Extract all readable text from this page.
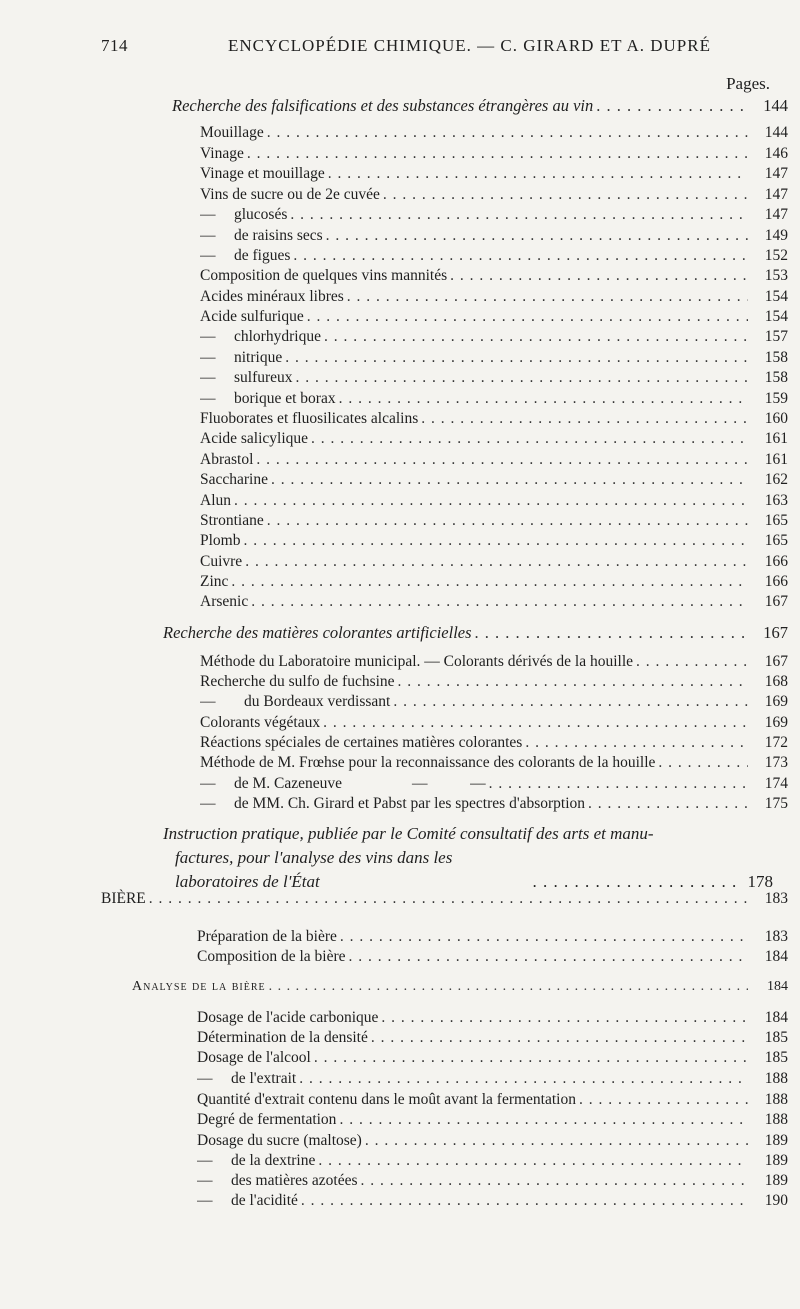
714	ENCYCLOPÉDIE CHIMIQUE. — C. GIRARD ET A. DUPRÉ
Pages.
Recherche des falsifications et des substances étrangères au vin . . .	144
Mouillage . . .	144
Vinage . . .	146
Vinage et mouillage . . .	147
Vins de sucre ou de 2e cuvée . . .	147
— glucosés . . .	147
— de raisins secs . . .	149
— de figues . . .	152
Composition de quelques vins mannités . . .	153
Acides minéraux libres . . .	154
Acide sulfurique . . .	154
— chlorhydrique . . .	157
— nitrique . . .	158
— sulfureux . . .	158
— borique et borax . . .	159
Fluoborates et fluosilicates alcalins . . .	160
Acide salicylique . . .	161
Abrastol . . .	161
Saccharine . . .	162
Alun . . .	163
Strontiane . . .	165
Plomb . . .	165
Cuivre . . .	166
Zinc . . .	166
Arsenic . . .	167
Recherche des matières colorantes artificielles . . .	167
Méthode du Laboratoire municipal. — Colorants dérivés de la houille . . .	167
Recherche du sulfo de fuchsine . . .	168
— du Bordeaux verdissant . . .	169
Colorants végétaux . . .	169
Réactions spéciales de certaines matières colorantes . . .	172
Méthode de M. Frœhse pour la reconnaissance des colorants de la houille . . .	173
— de M. Cazeneuve	—           — . . .	174
— de MM. Ch. Girard et Pabst par les spectres d'absorption . . .	175
BIÈRE . . .	183
Préparation de la bière . . .	183
Composition de la bière . . .	184
Analyse de la bière . . .	184
Dosage de l'acide carbonique . . .	184
Détermination de la densité . . .	185
Dosage de l'alcool . . .	185
— de l'extrait . . .	188
Quantité d'extrait contenu dans le moût avant la fermentation . . .	188
Degré de fermentation . . .	188
Dosage du sucre (maltose) . . .	189
— de la dextrine . . .	189
— des matières azotées . . .	189
— de l'acidité . . .	190
Instruction pratique, publiée par le Comité consultatif des arts et manu-
factures, pour l'analyse des vins dans les laboratoires de l'État . . .	178
